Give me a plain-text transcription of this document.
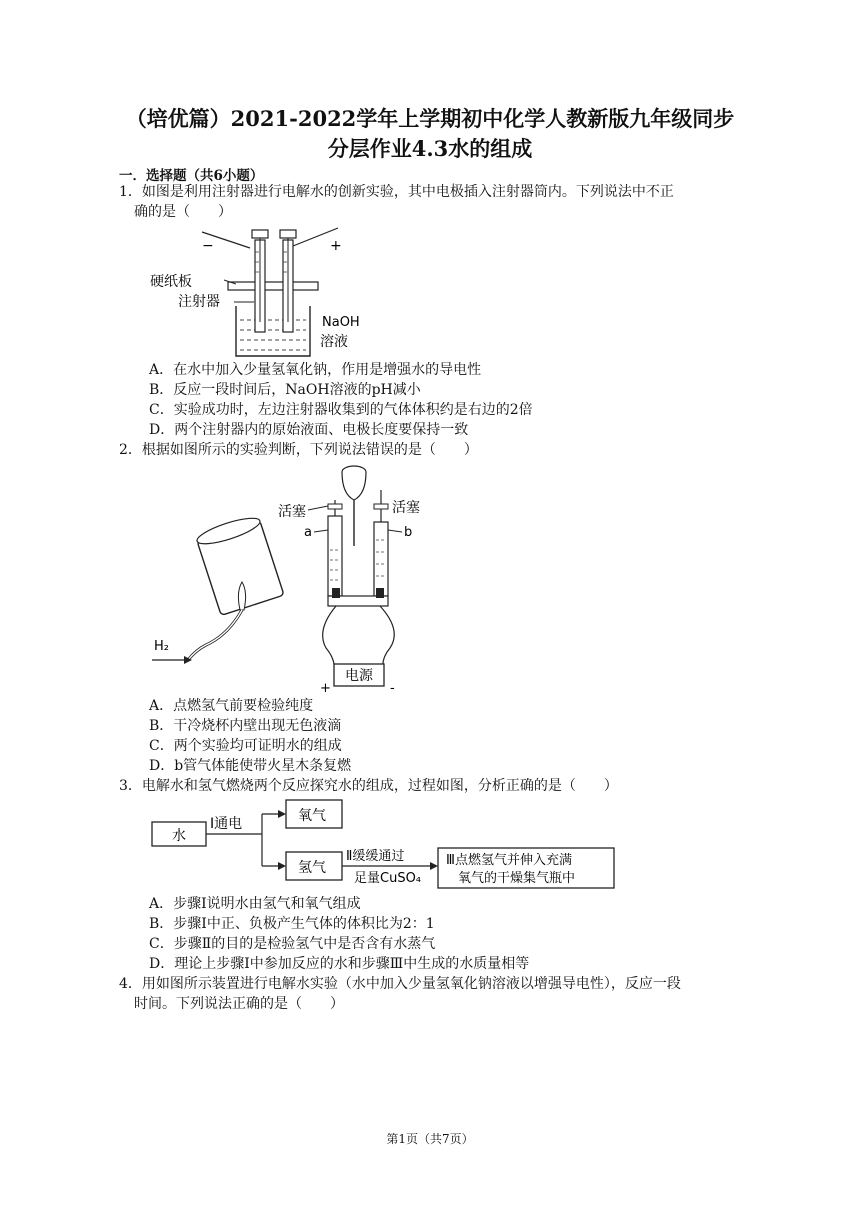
（培优篇）2021-2022学年上学期初中化学人教新版九年级同步
分层作业4.3水的组成
一．选择题（共6小题）
1．如图是利用注射器进行电解水的创新实验，其中电极插入注射器筒内。下列说法中不正
确的是（　　）
−	+
硬纸板
注射器
NaOH
溶液
A．在水中加入少量氢氧化钠，作用是增强水的导电性
B．反应一段时间后，NaOH溶液的pH减小
C．实验成功时，左边注射器收集到的气体体积约是右边的2倍
D．两个注射器内的原始液面、电极长度要保持一致
2．根据如图所示的实验判断，下列说法错误的是（　　）
H₂
活塞	活塞
a	b
电源
+	-
A．点燃氢气前要检验纯度
B．干冷烧杯内壁出现无色液滴
C．两个实验均可证明水的组成
D．b管气体能使带火星木条复燃
3．电解水和氢气燃烧两个反应探究水的组成，过程如图，分析正确的是（　　）
水
Ⅰ通电	氧气
氢气
Ⅱ缓缓通过
足量CuSO₄
Ⅲ点燃氢气并伸入充满
氧气的干燥集气瓶中
A．步骤Ⅰ说明水由氢气和氧气组成
B．步骤Ⅰ中正、负极产生气体的体积比为2：1
C．步骤Ⅱ的目的是检验氢气中是否含有水蒸气
D．理论上步骤Ⅰ中参加反应的水和步骤Ⅲ中生成的水质量相等
4．用如图所示装置进行电解水实验（水中加入少量氢氧化钠溶液以增强导电性），反应一段
时间。下列说法正确的是（　　）
第1页（共7页）
